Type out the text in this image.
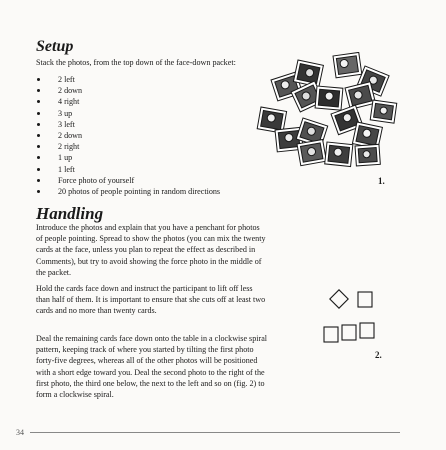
Setup
Stack the photos, from the top down of the face-down packet:
2 left
2 down
4 right
3 up
3 left
2 down
2 right
1 up
1 left
Force photo of yourself
20 photos of people pointing in random directions
Handling

Introduce the photos and explain that you have a penchant for photos of people pointing. Spread to show the photos (you can mix the twenty cards at the face, unless you plan to repeat the effect as described in Comments), but try to avoid showing the force photo in the middle of the packet.

Hold the cards face down and instruct the participant to lift off less than half of them. It is important to ensure that she cuts off at least two cards and no more than twenty cards.

Deal the remaining cards face down onto the table in a clockwise spiral pattern, keeping track of where you started by tilting the first photo forty-five degrees, whereas all of the other photos will be positioned with a short edge toward you. Deal the second photo to the right of the first photo, the third one below, the next to the left and so on (fig. 2) to form a clockwise spiral.

1.
2.
34
